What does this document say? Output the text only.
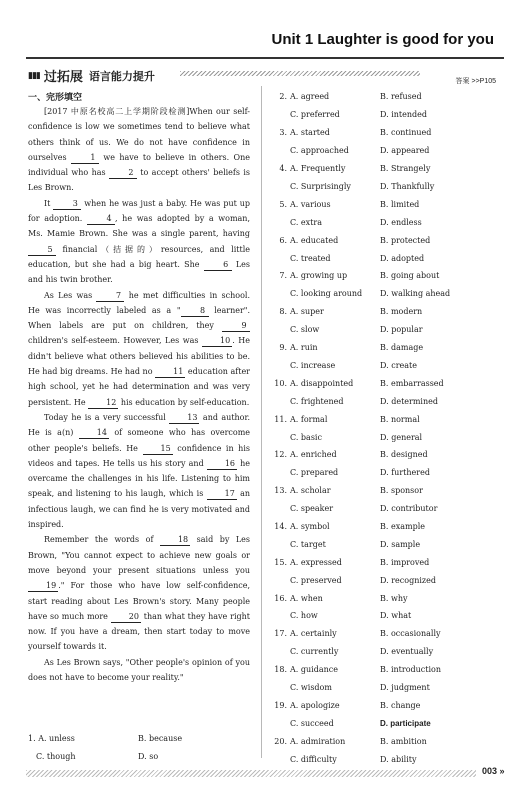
Unit 1 Laughter is good for you
▮▮▮ 过拓展 语言能力提升	答案 >>P105
一、完形填空

[2017 中原名校高二上学期阶段检测]When our self-confidence is low we sometimes tend to believe what others think of us. We do not have confidence in ourselves	1 we have to believe in others. One individual who has	2 to accept others' beliefs is Les Brown.

It	3 when he was just a baby. He was put up for adoption.	4 , he was adopted by a woman, Ms. Mamie Brown. She was a single parent, having 5 financial（拮据的）resources, and little education, but she had a big heart. She	6 Les and his twin brother.

As Les was	7 he met difficulties in school. He was incorrectly labeled as a " 8 learner". When labels are put on children, they	9 children's self-esteem. However, Les was	10 . He didn't believe what others believed his abilities to be. He had big dreams. He had no	11 education after high school, yet he had determination and was very persistent. He	12 his education by self-education.

Today he is a very successful	13 and author. He is a(n)	14 of someone who has overcome other people's beliefs. He	15 confidence in his videos and tapes. He tells us his story and	16 he overcame the challenges in his life. Listening to him speak, and listening to his laugh, which is	17 an infectious laugh, we can find he is very motivated and inspired.

Remember the words of	18 said by Les Brown, "You cannot expect to achieve new goals or move beyond your present situations unless you 19 ." For those who have low self-confidence, start reading about Les Brown's story. Many people have so much more	20 than what they have right now. If you have a dream, then start today to move yourself towards it.

As Les Brown says, "Other people's opinion of you does not have to become your reality."

1. A. unless	B. because
C. though	D. so
2. A. agreed	B. refused
C. preferred	D. intended
3. A. started	B. continued
C. approached	D. appeared
4. A. Frequently	B. Strangely
C. Surprisingly	D. Thankfully
5. A. various	B. limited
C. extra	D. endless
6. A. educated	B. protected
C. treated	D. adopted
7. A. growing up	B. going about
C. looking around D. walking ahead
8. A. super	B. modern
C. slow	D. popular
9. A. ruin	B. damage
C. increase	D. create
10. A. disappointed	B. embarrassed
C. frightened	D. determined
11. A. formal	B. normal
C. basic	D. general
12. A. enriched	B. designed
C. prepared	D. furthered
13. A. scholar	B. sponsor
C. speaker	D. contributor
14. A. symbol	B. example
C. target	D. sample
15. A. expressed	B. improved
C. preserved	D. recognized
16. A. when	B. why
C. how	D. what
17. A. certainly	B. occasionally
C. currently	D. eventually
18. A. guidance	B. introduction
C. wisdom	D. judgment
19. A. apologize	B. change
C. succeed	D. participate
20. A. admiration	B. ambition
C. difficulty	D. ability
003 »
